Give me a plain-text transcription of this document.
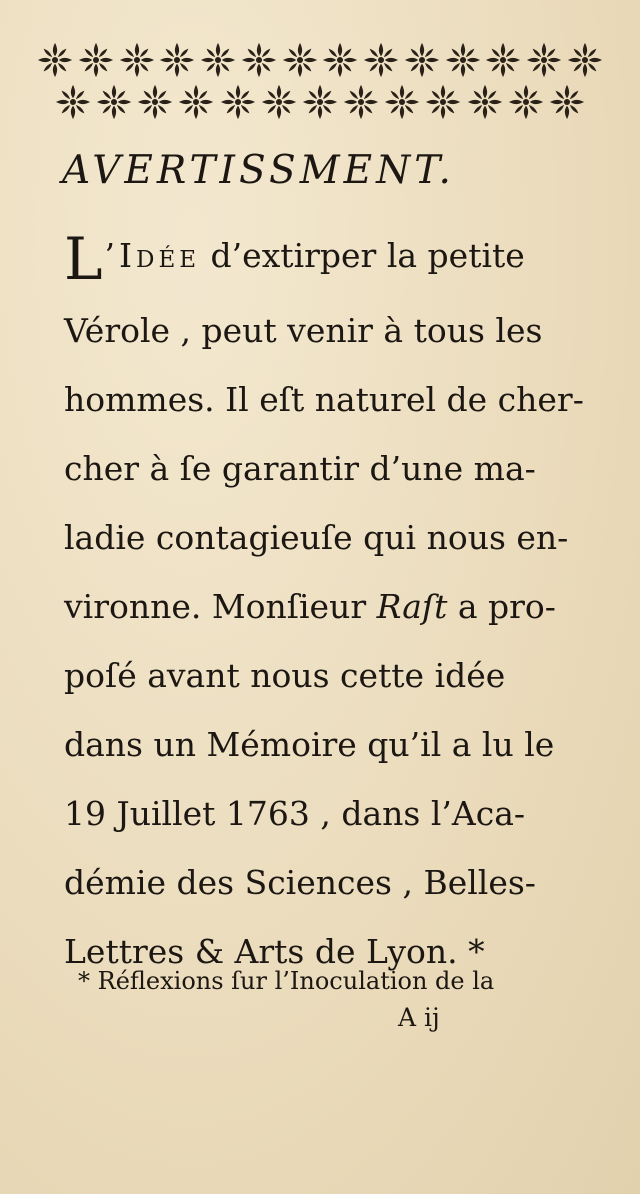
AVERTISSMENT.
L’Idée d’extirper la petite
Vérole , peut venir à tous les
hommes. Il eſt naturel de cher-
cher à ſe garantir d’une ma-
ladie contagieuſe qui nous en-
vironne. Monſieur Raſt a pro-
poſé avant nous cette idée
dans un Mémoire qu’il a lu le
19 Juillet 1763 , dans l’Aca-
démie des Sciences , Belles-
Lettres & Arts de Lyon. *
* Réflexions ſur l’Inoculation de la
A ij
